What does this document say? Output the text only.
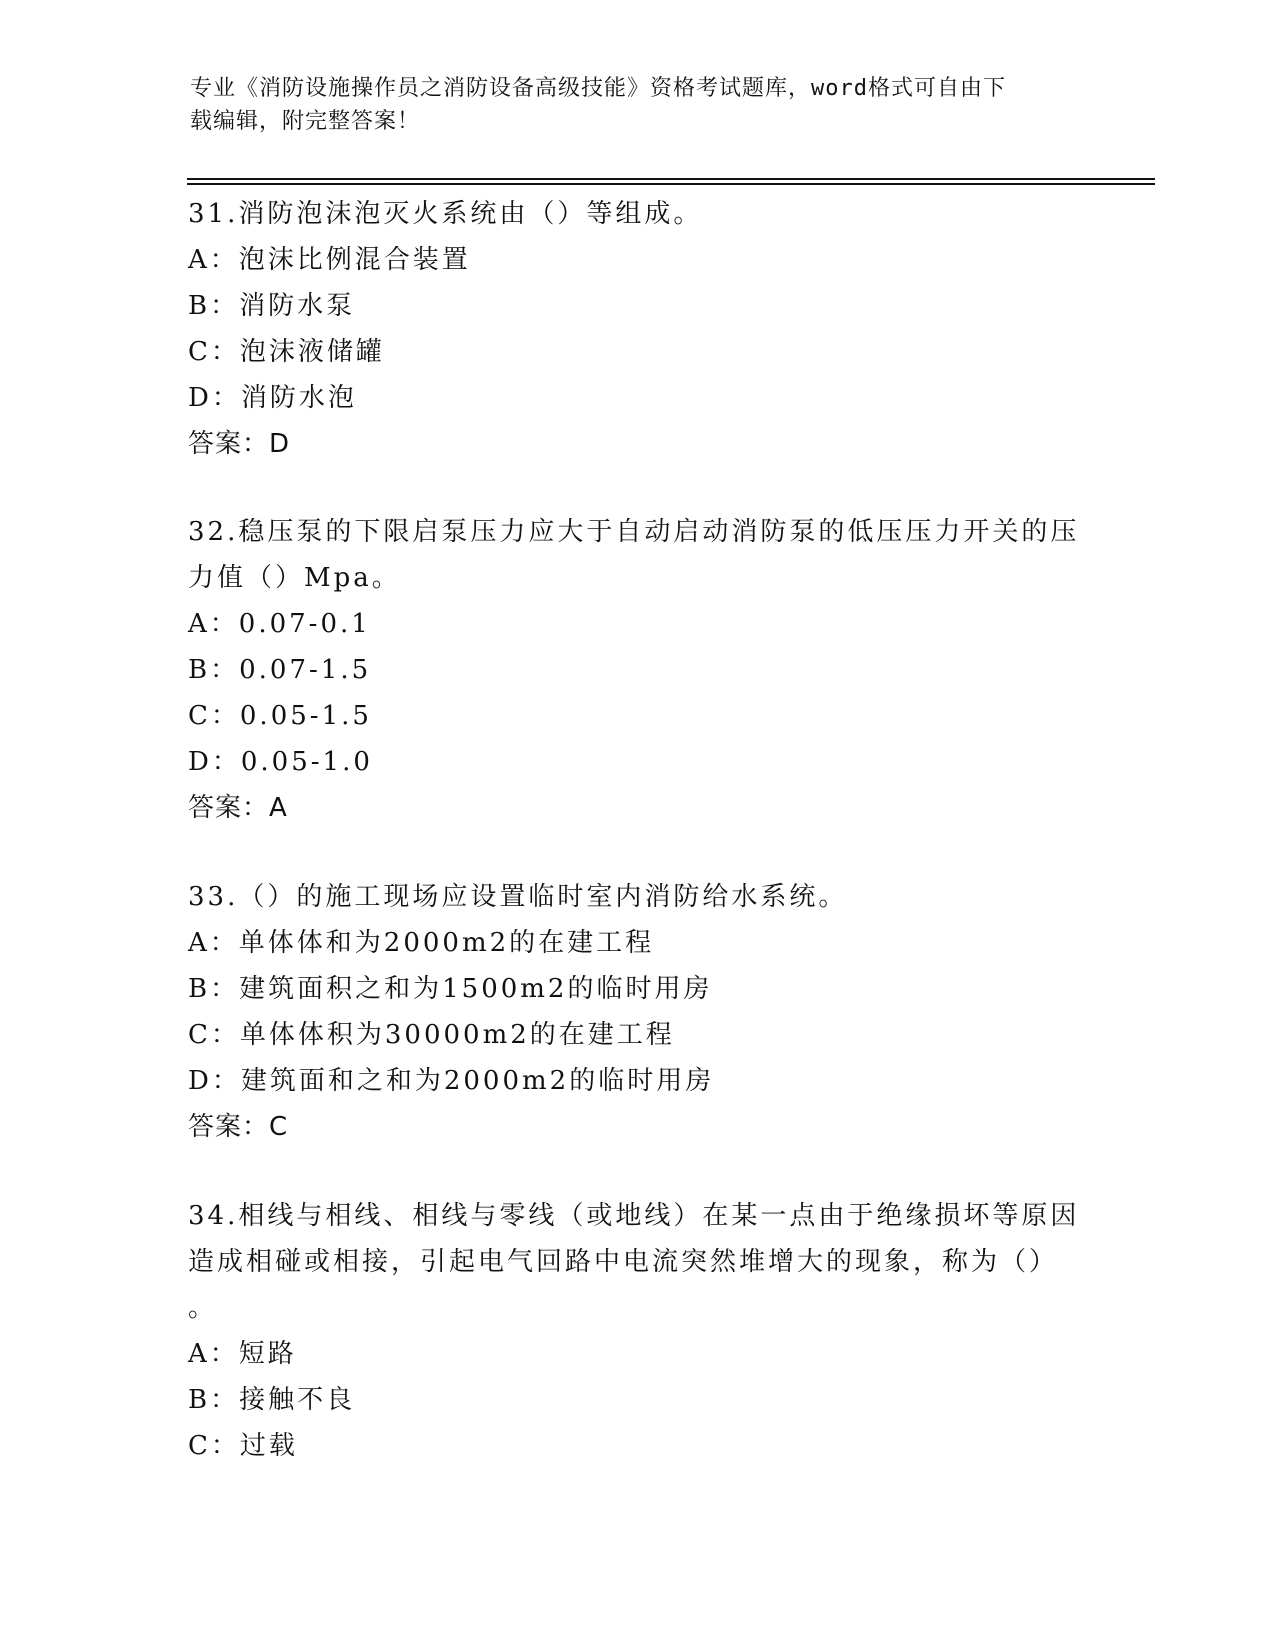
专业《消防设施操作员之消防设备高级技能》资格考试题库，word格式可自由下
载编辑，附完整答案！
31.消防泡沫泡灭火系统由（）等组成。
A：泡沫比例混合装置
B：消防水泵
C：泡沫液储罐
D：消防水泡
答案：D
32.稳压泵的下限启泵压力应大于自动启动消防泵的低压压力开关的压
力值（）Mpa。
A：0.07-0.1
B：0.07-1.5
C：0.05-1.5
D：0.05-1.0
答案：A
33.（）的施工现场应设置临时室内消防给水系统。
A：单体体和为2000m2的在建工程
B：建筑面积之和为1500m2的临时用房
C：单体体积为30000m2的在建工程
D：建筑面和之和为2000m2的临时用房
答案：C
34.相线与相线、相线与零线（或地线）在某一点由于绝缘损坏等原因
造成相碰或相接，引起电气回路中电流突然堆增大的现象，称为（）
。
A：短路
B：接触不良
C：过载
